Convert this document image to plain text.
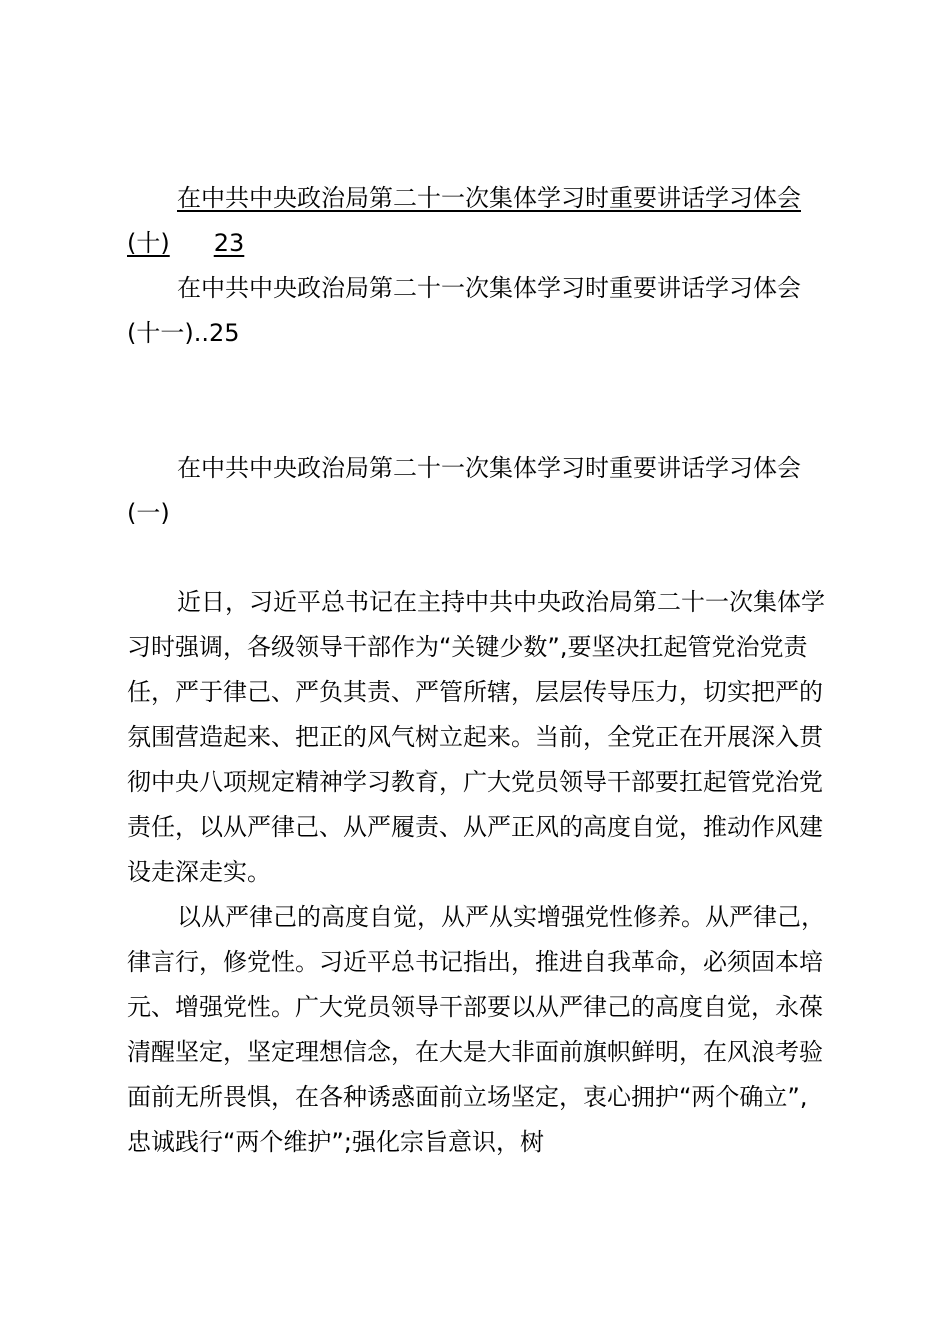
在中共中央政治局第二十一次集体学习时重要讲话学习体会(十) 23

在中共中央政治局第二十一次集体学习时重要讲话学习体会(十一)..25

在中共中央政治局第二十一次集体学习时重要讲话学习体会(一)

近日，习近平总书记在主持中共中央政治局第二十一次集体学习时强调，各级领导干部作为“关键少数”,要坚决扛起管党治党责任，严于律己、严负其责、严管所辖，层层传导压力，切实把严的氛围营造起来、把正的风气树立起来。当前，全党正在开展深入贯彻中央八项规定精神学习教育，广大党员领导干部要扛起管党治党责任，以从严律己、从严履责、从严正风的高度自觉，推动作风建设走深走实。

以从严律己的高度自觉，从严从实增强党性修养。从严律己，律言行，修党性。习近平总书记指出，推进自我革命，必须固本培元、增强党性。广大党员领导干部要以从严律己的高度自觉，永葆清醒坚定，坚定理想信念，在大是大非面前旗帜鲜明，在风浪考验面前无所畏惧，在各种诱惑面前立场坚定，衷心拥护“两个确立”,忠诚践行“两个维护”;强化宗旨意识，树
